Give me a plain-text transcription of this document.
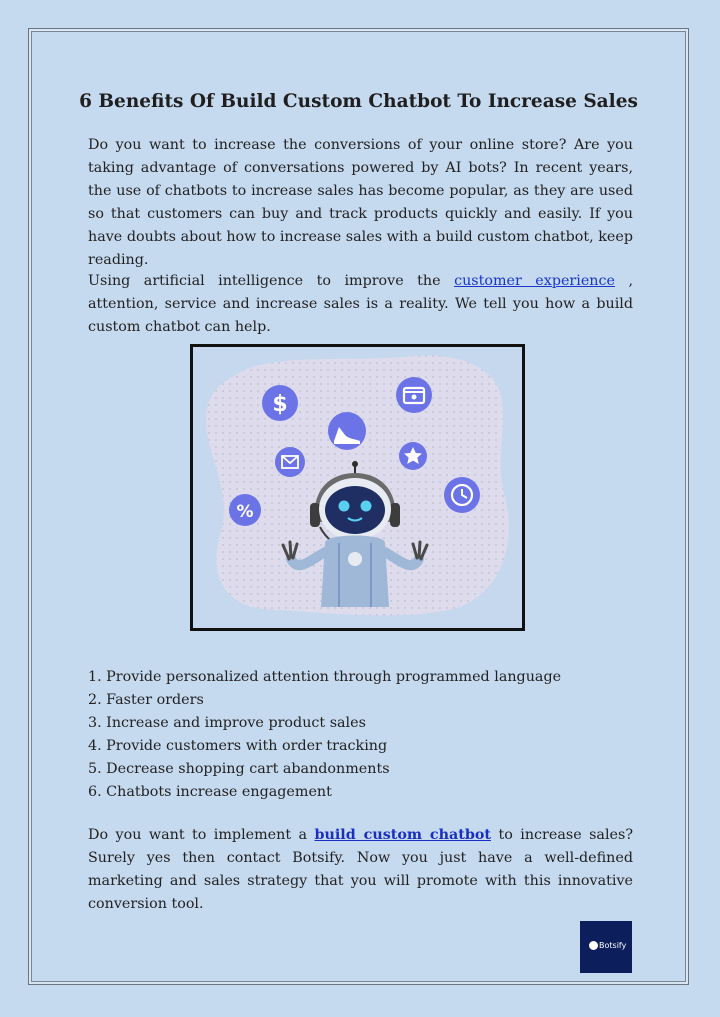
6 Benefits Of Build Custom Chatbot To Increase Sales

Do you want to increase the conversions of your online store? Are you taking advantage of conversations powered by AI bots? In recent years, the use of chatbots to increase sales has become popular, as they are used so that customers can buy and track products quickly and easily. If you have doubts about how to increase sales with a build custom chatbot, keep reading.

Using artificial intelligence to improve the customer experience , attention, service and increase sales is a reality. We tell you how a build custom chatbot can help.

$
%
1. Provide personalized attention through programmed language
2. Faster orders
3. Increase and improve product sales
4. Provide customers with order tracking
5. Decrease shopping cart abandonments
6. Chatbots increase engagement

Do you want to implement a build custom chatbot to increase sales? Surely yes then contact Botsify. Now you just have a well-defined marketing and sales strategy that you will promote with this innovative conversion tool.

Botsify
